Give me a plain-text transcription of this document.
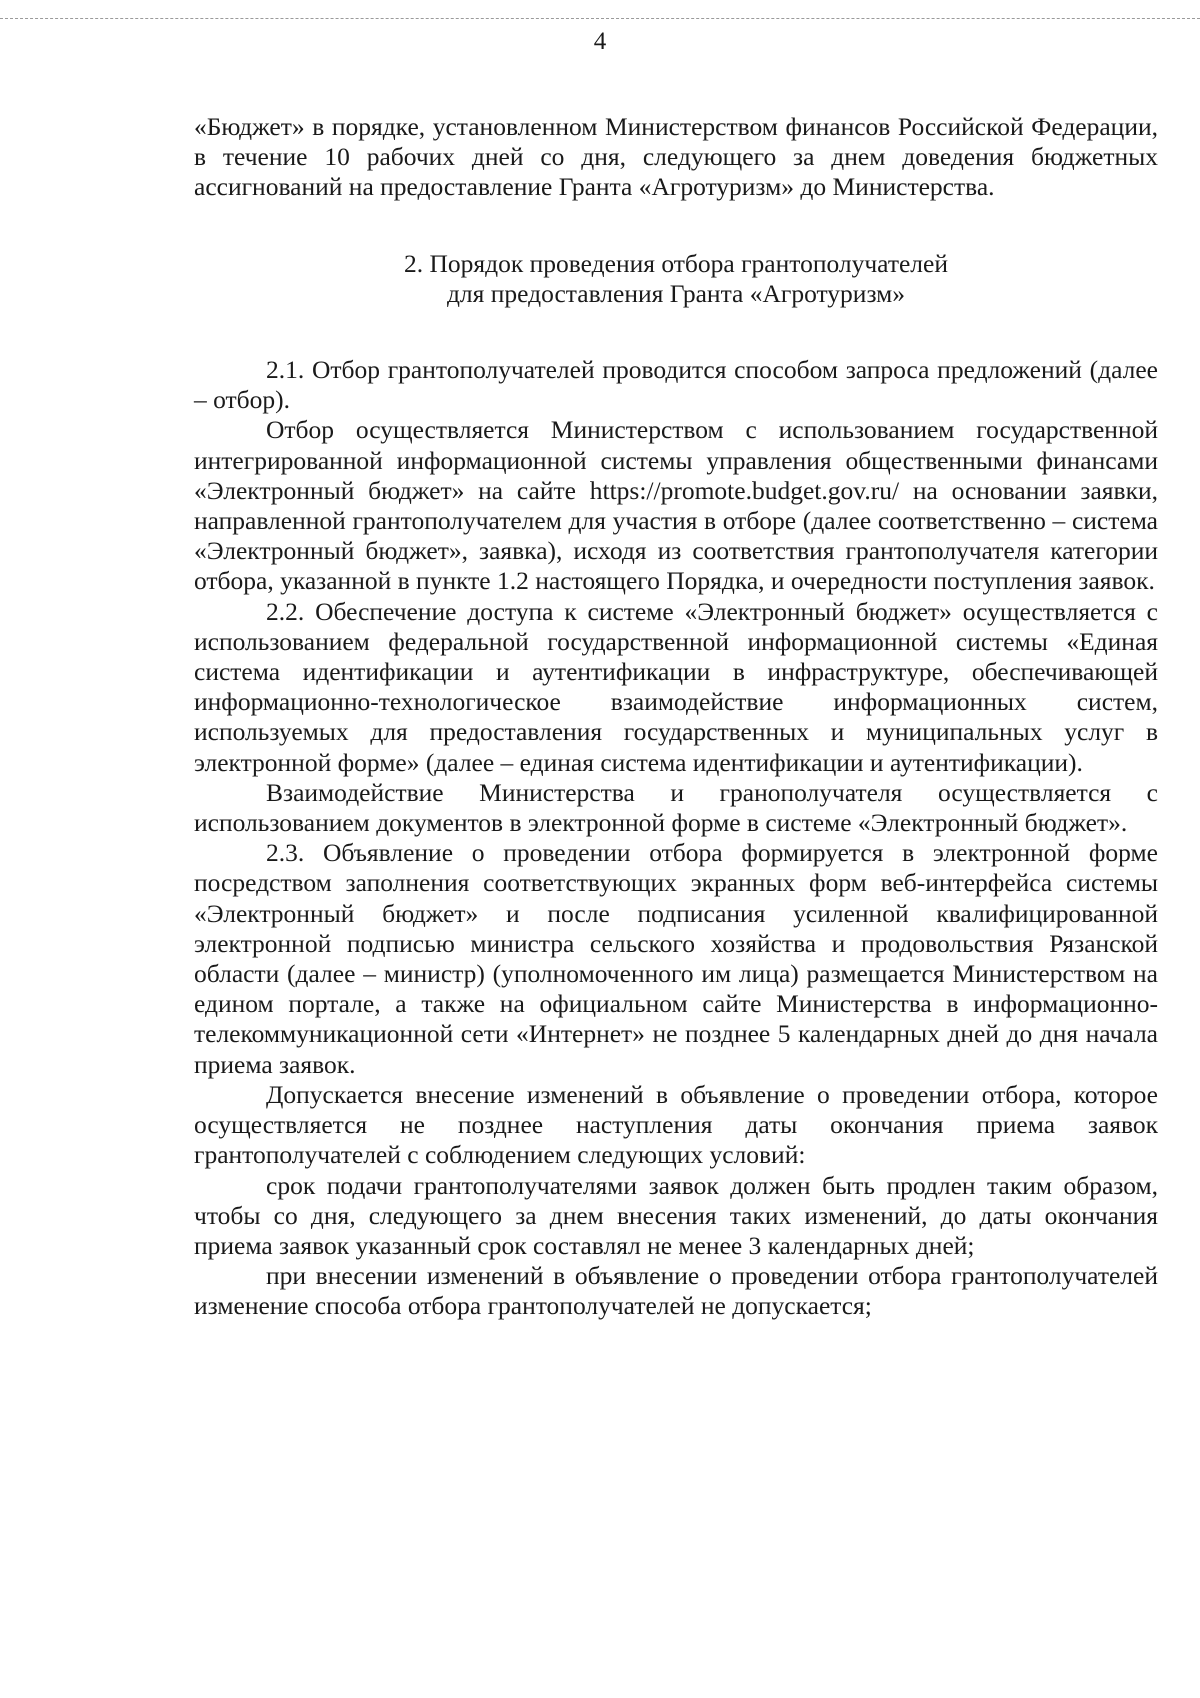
4

«Бюджет» в порядке, установленном Министерством финансов Российской Федерации, в течение 10 рабочих дней со дня, следующего за днем доведения бюджетных ассигнований на предоставление Гранта «Агротуризм» до Министерства.

2. Порядок проведения отбора грантополучателей
для предоставления Гранта «Агротуризм»

2.1. Отбор грантополучателей проводится способом запроса предложений (далее – отбор).

Отбор осуществляется Министерством с использованием государственной интегрированной информационной системы управления общественными финансами «Электронный бюджет» на сайте https://promote.budget.gov.ru/ на основании заявки, направленной грантополучателем для участия в отборе (далее соответственно – система «Электронный бюджет», заявка), исходя из соответствия грантополучателя категории отбора, указанной в пункте 1.2 настоящего Порядка, и очередности поступления заявок.

2.2. Обеспечение доступа к системе «Электронный бюджет» осуществляется с использованием федеральной государственной информационной системы «Единая система идентификации и аутентификации в инфраструктуре, обеспечивающей информационно-технологическое взаимодействие информационных систем, используемых для предоставления государственных и муниципальных услуг в электронной форме» (далее – единая система идентификации и аутентификации).

Взаимодействие Министерства и гранополучателя осуществляется с использованием документов в электронной форме в системе «Электронный бюджет».

2.3. Объявление о проведении отбора формируется в электронной форме посредством заполнения соответствующих экранных форм веб-интерфейса системы «Электронный бюджет» и после подписания усиленной квалифицированной электронной подписью министра сельского хозяйства и продовольствия Рязанской области (далее – министр) (уполномоченного им лица) размещается Министерством на едином портале, а также на официальном сайте Министерства в информационно-телекоммуникационной сети «Интернет» не позднее 5 календарных дней до дня начала приема заявок.

Допускается внесение изменений в объявление о проведении отбора, которое осуществляется не позднее наступления даты окончания приема заявок грантополучателей с соблюдением следующих условий:

срок подачи грантополучателями заявок должен быть продлен таким образом, чтобы со дня, следующего за днем внесения таких изменений, до даты окончания приема заявок указанный срок составлял не менее 3 календарных дней;

при внесении изменений в объявление о проведении отбора грантополучателей изменение способа отбора грантополучателей не допускается;
